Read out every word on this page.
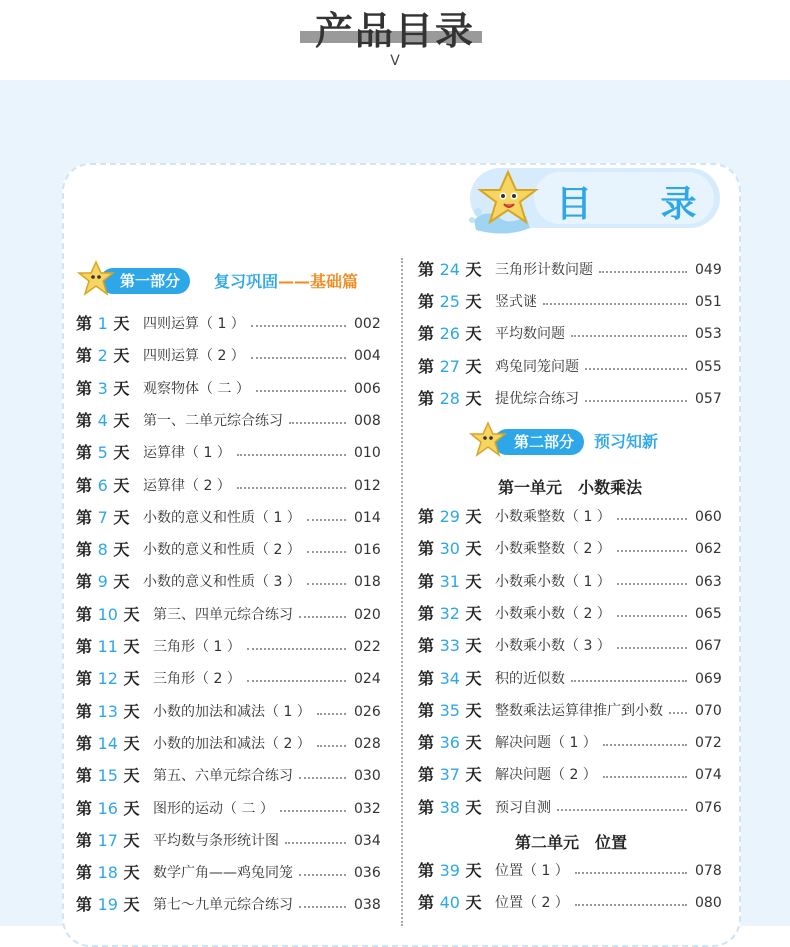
产品目录
V
目 录
第一部分	复习巩固——基础篇
第二部分	预习知新
第一单元　小数乘法
第二单元　位置
第 1 天 四则运算（ 1 ）	002
第 2 天 四则运算（ 2 ）	004
第 3 天 观察物体（ 二 ）	006
第 4 天 第一、二单元综合练习	008
第 5 天 运算律（ 1 ）	010
第 6 天 运算律（ 2 ）	012
第 7 天 小数的意义和性质（ 1 ）	014
第 8 天 小数的意义和性质（ 2 ）	016
第 9 天 小数的意义和性质（ 3 ）	018
第 10 天 第三、四单元综合练习	020
第 11 天 三角形（ 1 ）	022
第 12 天 三角形（ 2 ）	024
第 13 天 小数的加法和减法（ 1 ）	026
第 14 天 小数的加法和减法（ 2 ）	028
第 15 天 第五、六单元综合练习	030
第 16 天 图形的运动（ 二 ）	032
第 17 天 平均数与条形统计图	034
第 18 天 数学广角——鸡兔同笼	036
第 19 天 第七～九单元综合练习	038
第 24 天 三角形计数问题	049
第 25 天 竖式谜	051
第 26 天 平均数问题	053
第 27 天 鸡兔同笼问题	055
第 28 天 提优综合练习	057
第 29 天 小数乘整数（ 1 ）	060
第 30 天 小数乘整数（ 2 ）	062
第 31 天 小数乘小数（ 1 ）	063
第 32 天 小数乘小数（ 2 ）	065
第 33 天 小数乘小数（ 3 ）	067
第 34 天 积的近似数	069
第 35 天 整数乘法运算律推广到小数 070
第 36 天 解决问题（ 1 ）	072
第 37 天 解决问题（ 2 ）	074
第 38 天 预习自测	076
第 39 天 位置（ 1 ）	078
第 40 天 位置（ 2 ）	080
